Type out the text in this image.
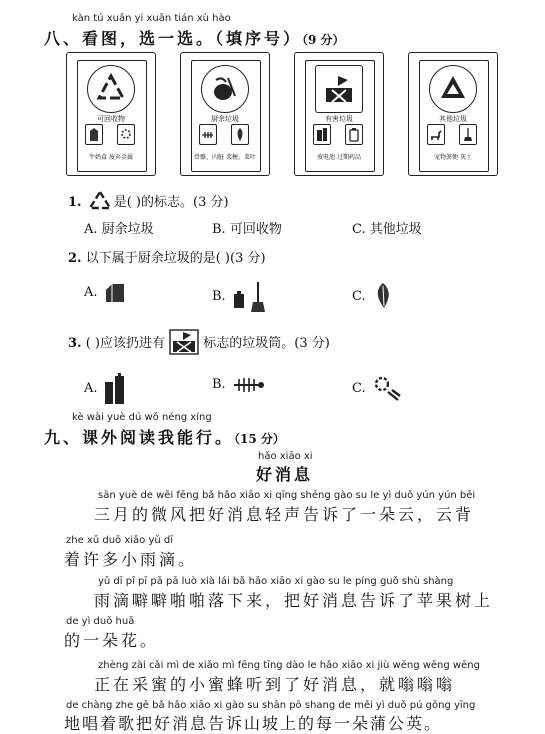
kàn tú xuǎn yi xuǎn tián xù hào
八、看图，选一选。（填序号）（9 分）
可回收物
牛奶盒 废弃金属
厨余垃圾
骨骼、内脏 菜梗、菜叶
有害垃圾
废电池 过期药品
其他垃圾
宠物粪便 灰土
1. 是( )的标志。(3 分)
A. 厨余垃圾	B. 可回收物	C. 其他垃圾
2. 以下属于厨余垃圾的是( )(3 分)
A.	B.	C.
3. ( )应该扔进有	标志的垃圾筒。(3 分)
A.	B.	C.
kè wài yuè dú wǒ néng xíng
九、课外阅读我能行。（15 分）
hǎo xiāo xi
好消息
sān yuè de wēi fēng bǎ hǎo xiāo xi qīng shēng gào su le yì duǒ yún yún bēi
三月的微风把好消息轻声告诉了一朵云，云背
zhe xǔ duō xiǎo yǔ dī
着许多小雨滴。
yǔ dī pī pī pā pā luò xià lái bǎ hǎo xiāo xi gào su le píng guǒ shù shàng
雨滴噼噼啪啪落下来，把好消息告诉了苹果树上
de yì duǒ huā
的一朵花。
zhèng zài cǎi mì de xiǎo mì fēng tīng dào le hǎo xiāo xi jiù wēng wēng wēng
正在采蜜的小蜜蜂听到了好消息，就嗡嗡嗡
de chàng zhe gē bǎ hǎo xiāo xi gào su shān pō shang de měi yì duǒ pú gōng yīng
地唱着歌把好消息告诉山坡上的每一朵蒲公英。
